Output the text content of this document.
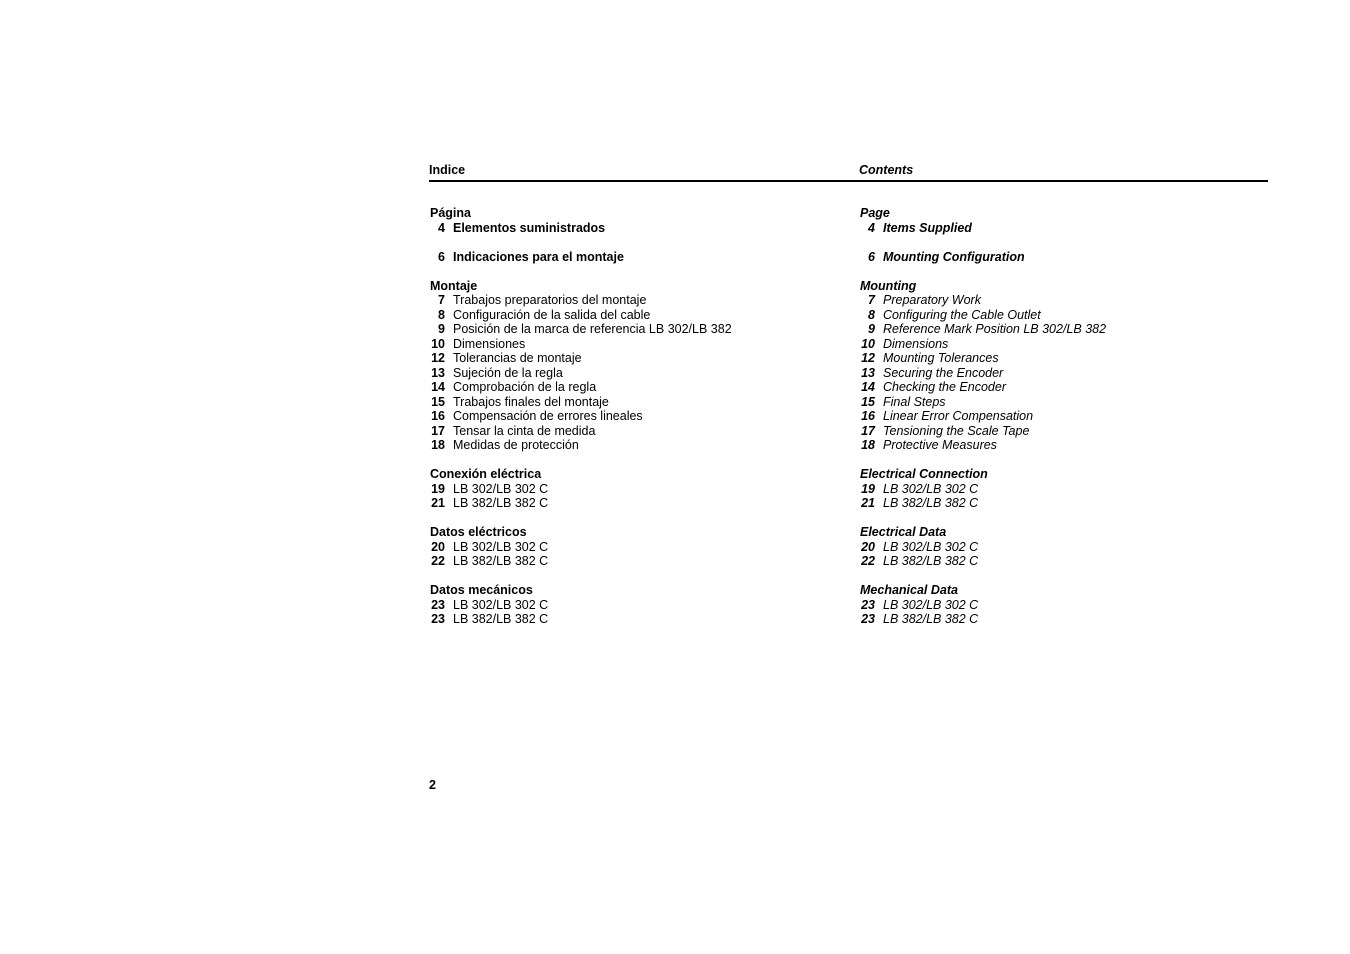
Indice	Contents
Página
4 Elementos suministrados
6 Indicaciones para el montaje
Montaje
7 Trabajos preparatorios del montaje
8 Configuración de la salida del cable
9 Posición de la marca de referencia LB 302/LB 382
10 Dimensiones
12 Tolerancias de montaje
13 Sujeción de la regla
14 Comprobación de la regla
15 Trabajos finales del montaje
16 Compensación de errores lineales
17 Tensar la cinta de medida
18 Medidas de protección
Conexión eléctrica
19 LB 302/LB 302 C
21 LB 382/LB 382 C
Datos eléctricos
20 LB 302/LB 302 C
22 LB 382/LB 382 C
Datos mecánicos
23 LB 302/LB 302 C
23 LB 382/LB 382 C
Page
4 Items Supplied
6 Mounting Configuration
Mounting
7 Preparatory Work
8 Configuring the Cable Outlet
9 Reference Mark Position LB 302/LB 382
10 Dimensions
12 Mounting Tolerances
13 Securing the Encoder
14 Checking the Encoder
15 Final Steps
16 Linear Error Compensation
17 Tensioning the Scale Tape
18 Protective Measures
Electrical Connection
19 LB 302/LB 302 C
21 LB 382/LB 382 C
Electrical Data
20 LB 302/LB 302 C
22 LB 382/LB 382 C
Mechanical Data
23 LB 302/LB 302 C
23 LB 382/LB 382 C
2
